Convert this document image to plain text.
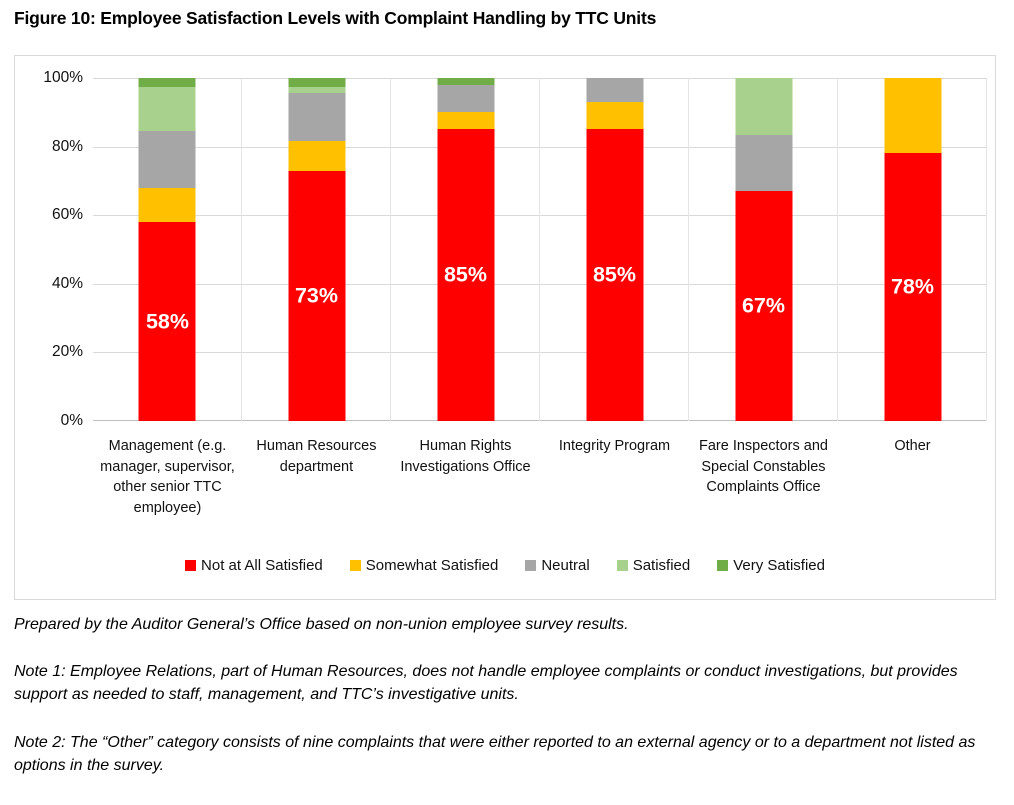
Figure 10: Employee Satisfaction Levels with Complaint Handling by TTC Units
0%
20%
40%
60%
80%
100%
58%
73%
85%	85%
67%
78%
Management (e.g. manager, supervisor, other senior TTC employee)
Human Resources department
Human Rights Investigations Office
Integrity Program	Fare Inspectors and Special Constables Complaints Office
Other
Not at All Satisfied	Somewhat Satisfied	Neutral	Satisfied	Very Satisfied
Prepared by the Auditor General’s Office based on non-union employee survey results.
Note 1: Employee Relations, part of Human Resources, does not handle employee complaints or conduct investigations, but provides support as needed to staff, management, and TTC’s investigative units.
Note 2: The “Other” category consists of nine complaints that were either reported to an external agency or to a department not listed as options in the survey.
